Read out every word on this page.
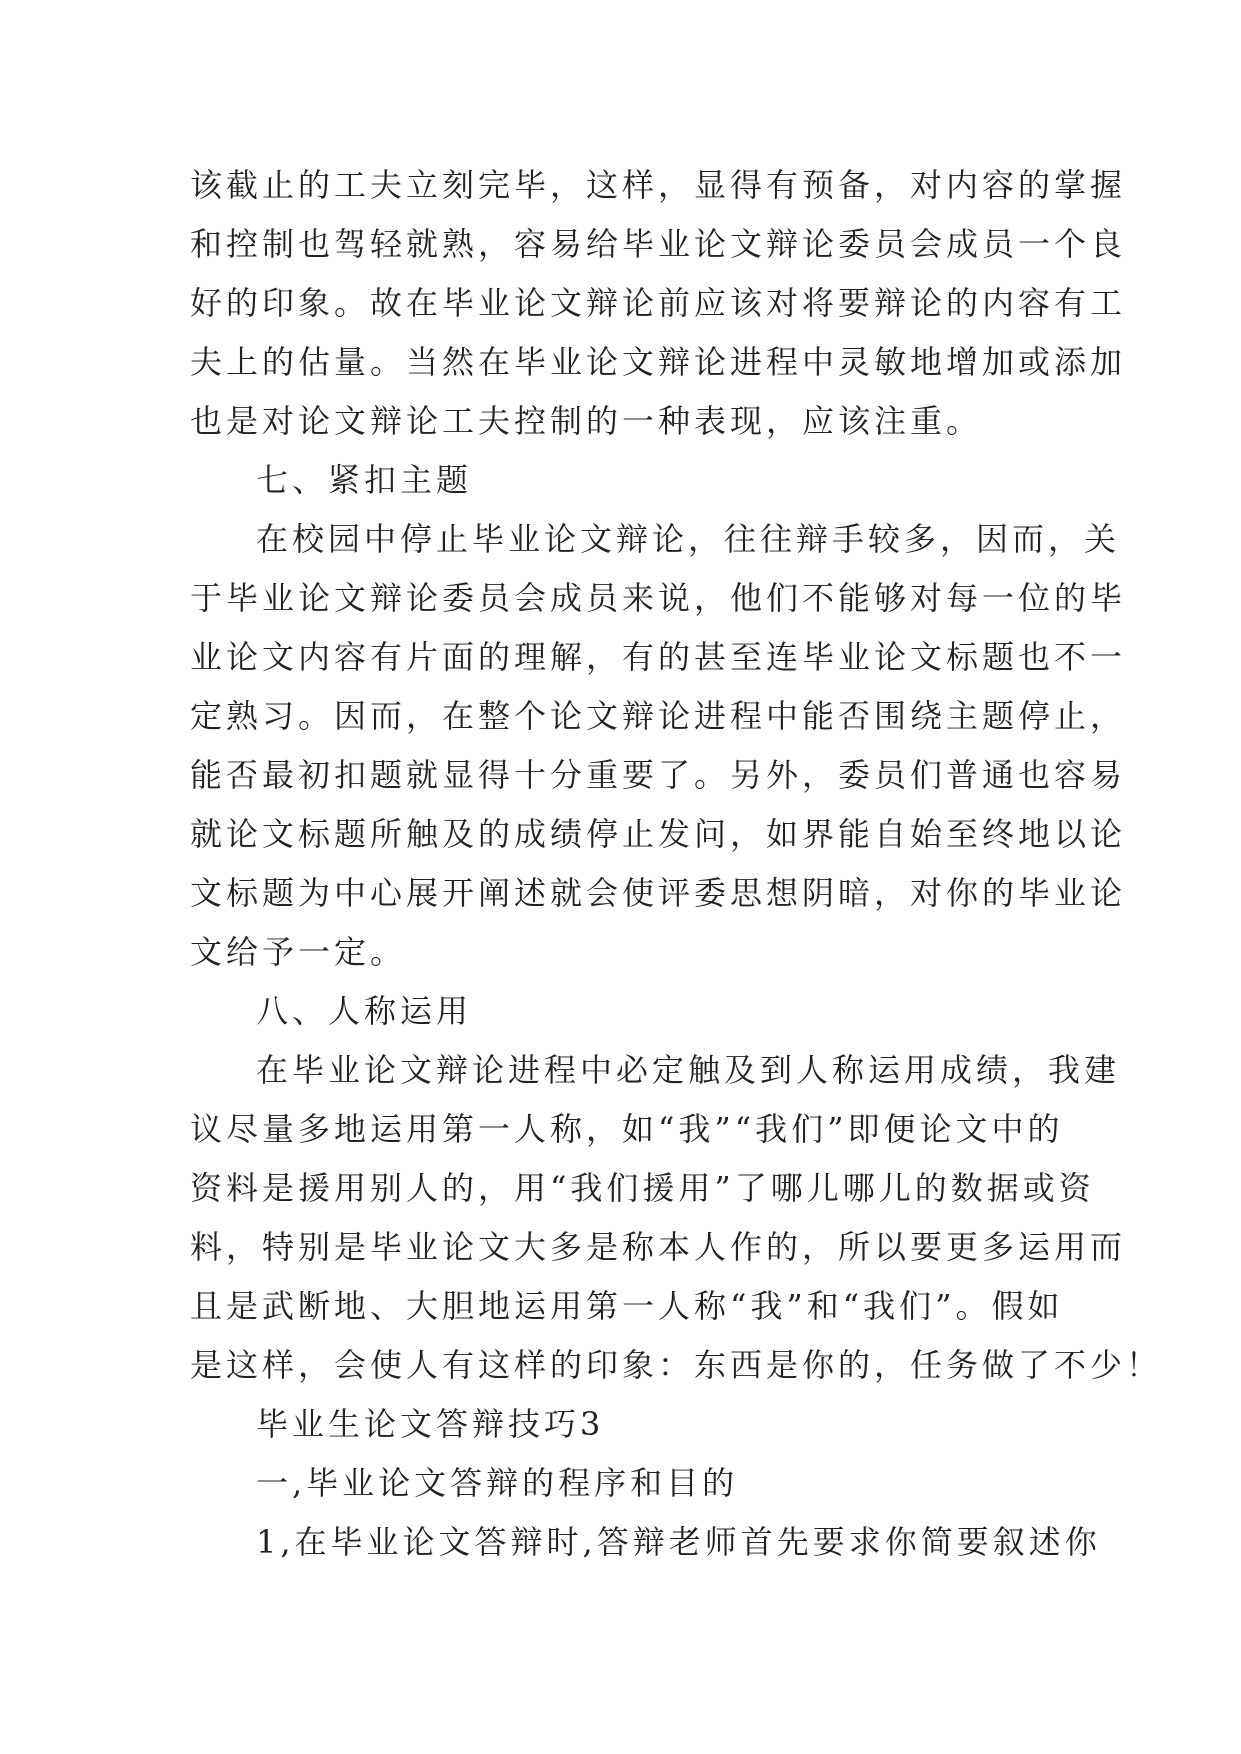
该截止的工夫立刻完毕，这样，显得有预备，对内容的掌握
和控制也驾轻就熟，容易给毕业论文辩论委员会成员一个良
好的印象。故在毕业论文辩论前应该对将要辩论的内容有工
夫上的估量。当然在毕业论文辩论进程中灵敏地增加或添加
也是对论文辩论工夫控制的一种表现，应该注重。
七、紧扣主题
在校园中停止毕业论文辩论，往往辩手较多，因而，关
于毕业论文辩论委员会成员来说，他们不能够对每一位的毕
业论文内容有片面的理解，有的甚至连毕业论文标题也不一
定熟习。因而，在整个论文辩论进程中能否围绕主题停止，
能否最初扣题就显得十分重要了。另外，委员们普通也容易
就论文标题所触及的成绩停止发问，如界能自始至终地以论
文标题为中心展开阐述就会使评委思想阴暗，对你的毕业论
文给予一定。
八、人称运用
在毕业论文辩论进程中必定触及到人称运用成绩，我建
议尽量多地运用第一人称，如“我”“我们”即便论文中的
资料是援用别人的，用“我们援用”了哪儿哪儿的数据或资
料，特别是毕业论文大多是称本人作的，所以要更多运用而
且是武断地、大胆地运用第一人称“我”和“我们”。假如
是这样，会使人有这样的印象：东西是你的，任务做了不少！
毕业生论文答辩技巧3
一,毕业论文答辩的程序和目的
1,在毕业论文答辩时,答辩老师首先要求你简要叙述你
